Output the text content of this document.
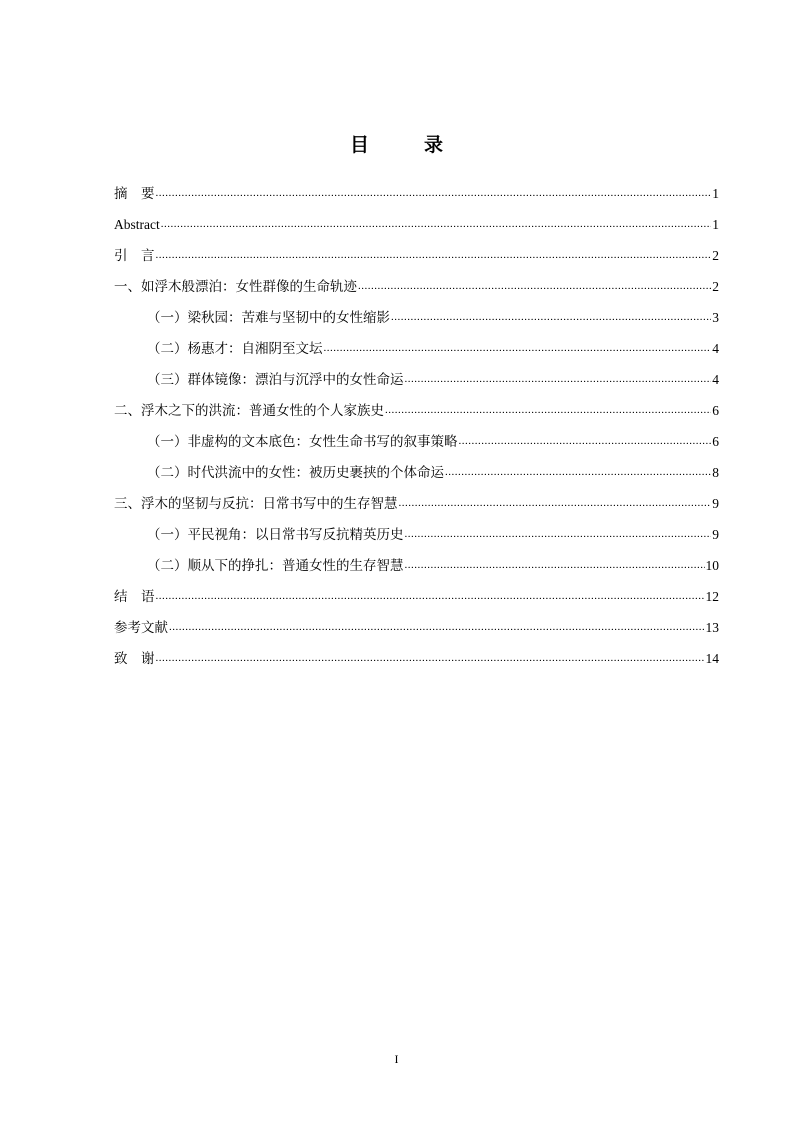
目　录
摘　要 .....	1
Abstract .....	1
引　言 .....	2
一、如浮木般漂泊：女性群像的生命轨迹 .....	2
（一）梁秋园：苦难与坚韧中的女性缩影 .....	3
（二）杨惠才：自湘阴至文坛 .....	4
（三）群体镜像：漂泊与沉浮中的女性命运 .....	4
二、浮木之下的洪流：普通女性的个人家族史 .....	6
（一）非虚构的文本底色：女性生命书写的叙事策略 .....	6
（二）时代洪流中的女性：被历史裹挟的个体命运 .....	8
三、浮木的坚韧与反抗：日常书写中的生存智慧 .....	9
（一）平民视角：以日常书写反抗精英历史 .....	9
（二）顺从下的挣扎：普通女性的生存智慧 .....	10
结　语 .....	12
参考文献 .....	13
致　谢 .....	14
I
